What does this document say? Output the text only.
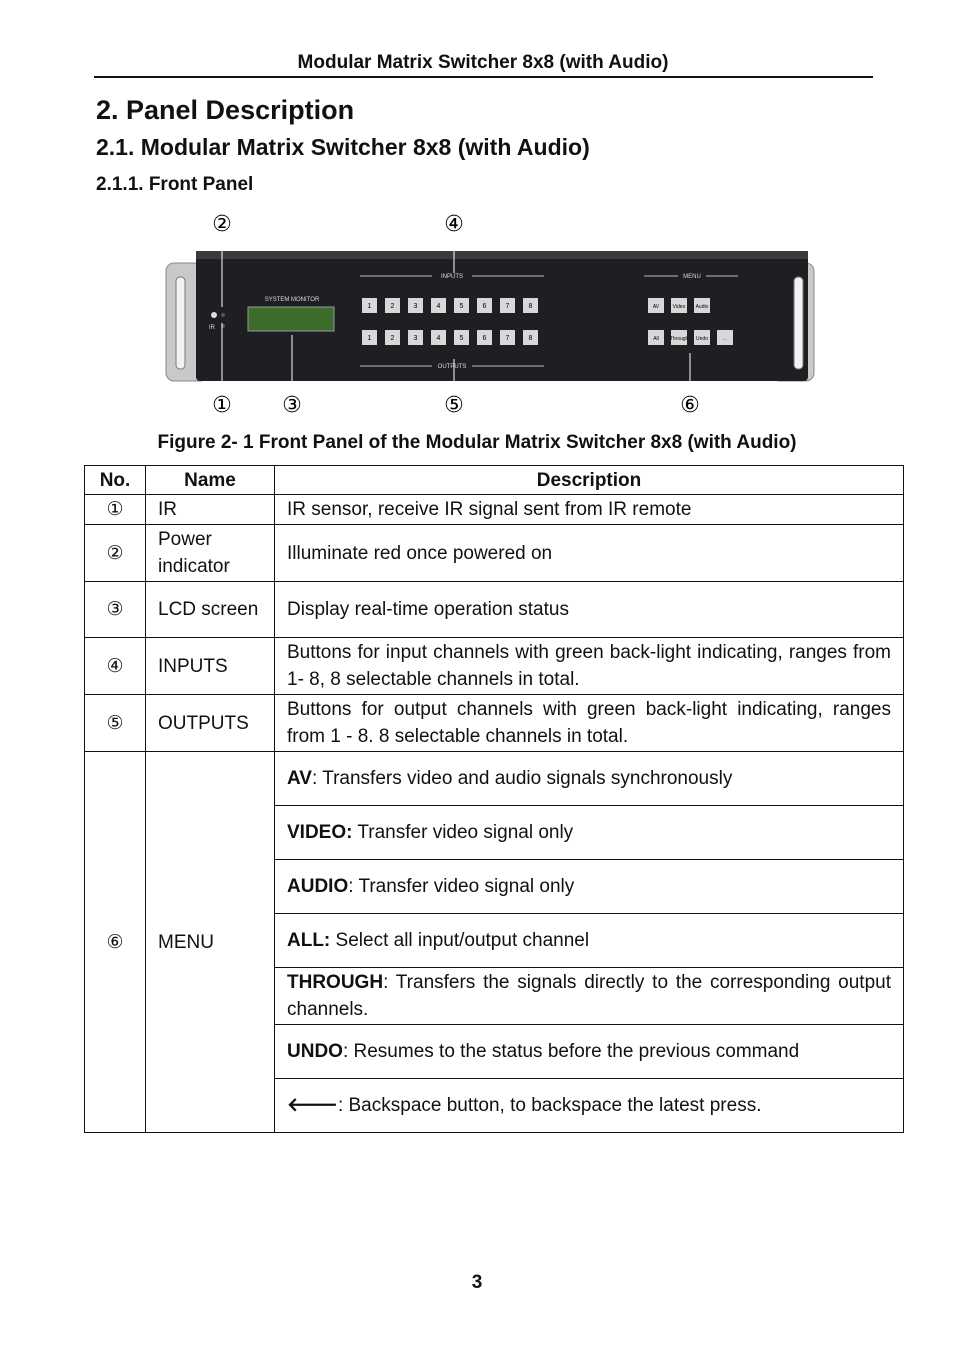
Modular Matrix Switcher 8x8 (with Audio)
2. Panel Description
2.1. Modular Matrix Switcher 8x8 (with Audio)
2.1.1. Front Panel
②	④
IR
SYSTEM MONITOR
INPUTS
OUTPUTS
1	2	3	4	5	6	7	8
1	2	3	4	5	6	7	8
MENU
AV	Video Audio
All Through Undo	←
① ③	⑤	⑥
Figure 2- 1 Front Panel of the Modular Matrix Switcher 8x8 (with Audio)
No.	Name	Description
①	IR	IR sensor, receive IR signal sent from IR remote
②	Power indicator	Illuminate red once powered on
③	LCD screen	Display real-time operation status
④	INPUTS	Buttons for input channels with green back-light indicating, ranges from 1- 8, 8 selectable channels in total.
⑤	OUTPUTS	Buttons for output channels with green back-light indicating, ranges from 1 - 8. 8 selectable channels in total.
⑥	MENU	AV: Transfers video and audio signals synchronously
		VIDEO: Transfer video signal only
		AUDIO: Transfer video signal only
		ALL: Select all input/output channel
		THROUGH: Transfers the signals directly to the corresponding output channels.
		UNDO: Resumes to the status before the previous command
		🡐: Backspace button, to backspace the latest press.
3
